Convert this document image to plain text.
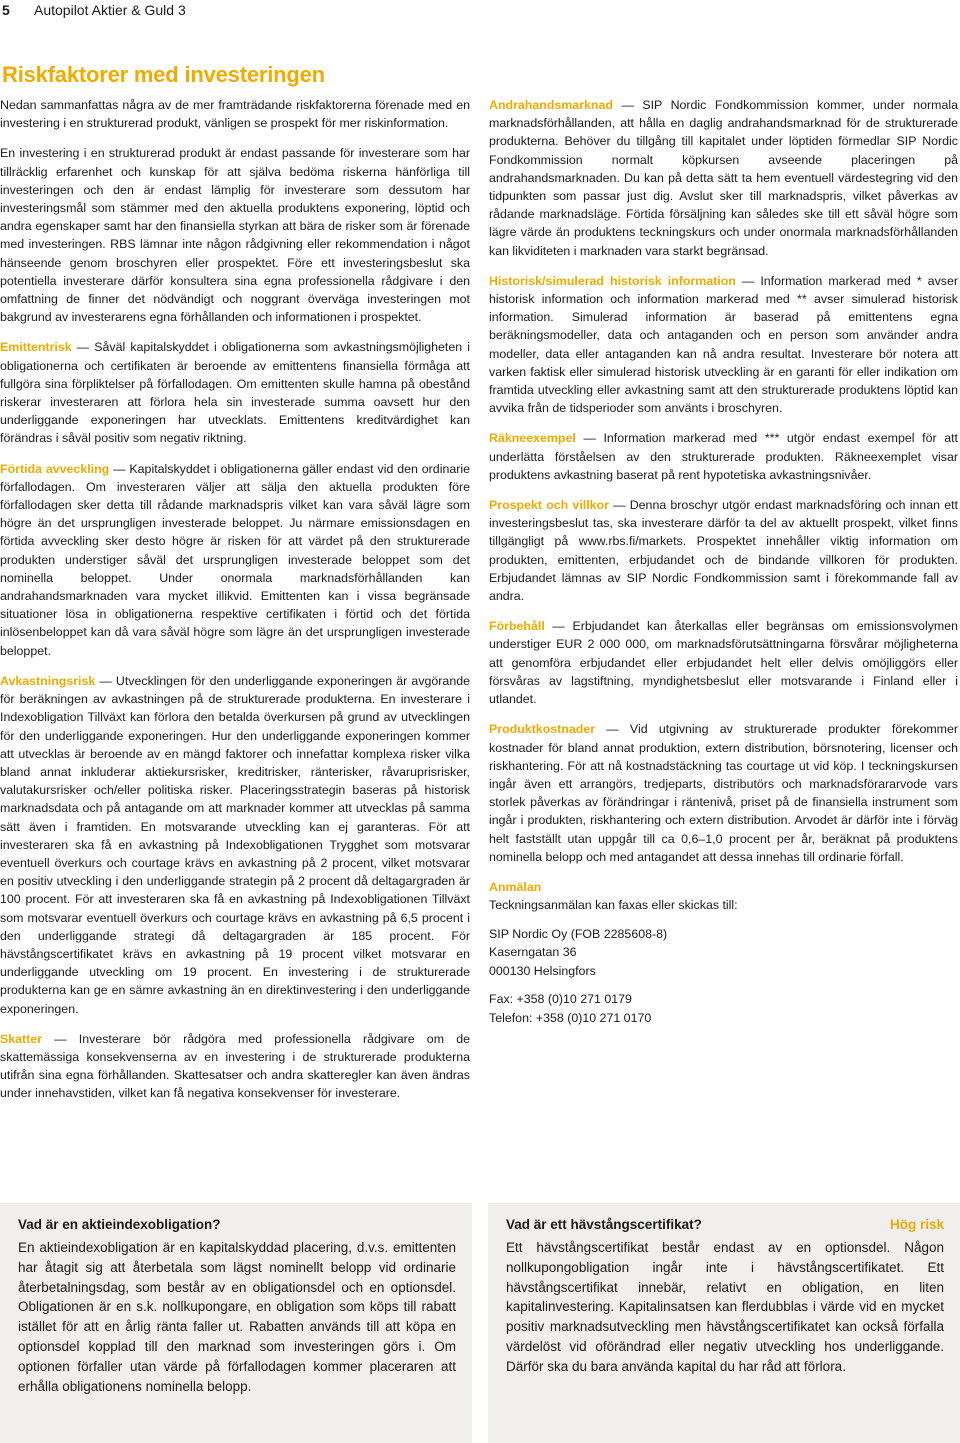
5 Autopilot Aktier & Guld 3
Riskfaktorer med investeringen

Nedan sammanfattas några av de mer framträdande riskfaktorerna förenade med en investering i en strukturerad produkt, vänligen se prospekt för mer riskinformation.

En investering i en strukturerad produkt är endast passande för investerare som har tillräcklig erfarenhet och kunskap för att själva bedöma riskerna hänförliga till investeringen och den är endast lämplig för investerare som dessutom har investeringsmål som stämmer med den aktuella produktens exponering, löptid och andra egenskaper samt har den finansiella styrkan att bära de risker som är förenade med investeringen. RBS lämnar inte någon rådgivning eller rekommendation i något hänseende genom broschyren eller prospektet. Före ett investeringsbeslut ska potentiella investerare därför konsultera sina egna professionella rådgivare i den omfattning de finner det nödvändigt och noggrant överväga investeringen mot bakgrund av investerarens egna förhållanden och informationen i prospektet.

Emittentrisk — Såväl kapitalskyddet i obligationerna som avkastningsmöjligheten i obligationerna och certifikaten är beroende av emittentens finansiella förmåga att fullgöra sina förpliktelser på förfallodagen. Om emittenten skulle hamna på obestånd riskerar investeraren att förlora hela sin investerade summa oavsett hur den underliggande exponeringen har utvecklats. Emittentens kreditvärdighet kan förändras i såväl positiv som negativ riktning.

Förtida avveckling — Kapitalskyddet i obligationerna gäller endast vid den ordinarie förfallodagen. Om investeraren väljer att sälja den aktuella produkten före förfallodagen sker detta till rådande marknadspris vilket kan vara såväl lägre som högre än det ursprungligen investerade beloppet. Ju närmare emissionsdagen en förtida avveckling sker desto högre är risken för att värdet på den strukturerade produkten understiger såväl det ursprungligen investerade beloppet som det nominella beloppet. Under onormala marknadsförhållanden kan andrahandsmarknaden vara mycket illikvid. Emittenten kan i vissa begränsade situationer lösa in obligationerna respektive certifikaten i förtid och det förtida inlösenbeloppet kan då vara såväl högre som lägre än det ursprungligen investerade beloppet.

Avkastningsrisk — Utvecklingen för den underliggande exponeringen är avgörande för beräkningen av avkastningen på de strukturerade produkterna. En investerare i Indexobligation Tillväxt kan förlora den betalda överkursen på grund av utvecklingen för den underliggande exponeringen. Hur den underliggande exponeringen kommer att utvecklas är beroende av en mängd faktorer och innefattar komplexa risker vilka bland annat inkluderar aktiekursrisker, kreditrisker, ränterisker, råvaruprisrisker, valutakursrisker och/eller politiska risker. Placeringsstrategin baseras på historisk marknadsdata och på antagande om att marknader kommer att utvecklas på samma sätt även i framtiden. En motsvarande utveckling kan ej garanteras. För att investeraren ska få en avkastning på Indexobligationen Trygghet som motsvarar eventuell överkurs och courtage krävs en avkastning på 2 procent, vilket motsvarar en positiv utveckling i den underliggande strategin på 2 procent då deltagargraden är 100 procent. För att investeraren ska få en avkastning på Indexobligationen Tillväxt som motsvarar eventuell överkurs och courtage krävs en avkastning på 6,5 procent i den underliggande strategi då deltagargraden är 185 procent. För hävstångscertifikatet krävs en avkastning på 19 procent vilket motsvarar en underliggande utveckling om 19 procent. En investering i de strukturerade produkterna kan ge en sämre avkastning än en direktinvestering i den underliggande exponeringen.

Skatter — Investerare bör rådgöra med professionella rådgivare om de skattemässiga konsekvenserna av en investering i de strukturerade produkterna utifrån sina egna förhållanden. Skattesatser och andra skatteregler kan även ändras under innehavstiden, vilket kan få negativa konsekvenser för investerare.

Andrahandsmarknad — SIP Nordic Fondkommission kommer, under normala marknadsförhållanden, att hålla en daglig andrahandsmarknad för de strukturerade produkterna. Behöver du tillgång till kapitalet under löptiden förmedlar SIP Nordic Fondkommission normalt köpkursen avseende placeringen på andrahandsmarknaden. Du kan på detta sätt ta hem eventuell värdestegring vid den tidpunkten som passar just dig. Avslut sker till marknadspris, vilket påverkas av rådande marknadsläge. Förtida försäljning kan således ske till ett såväl högre som lägre värde än produktens teckningskurs och under onormala marknadsförhållanden kan likviditeten i marknaden vara starkt begränsad.

Historisk/simulerad historisk information — Information markerad med * avser historisk information och information markerad med ** avser simulerad historisk information. Simulerad information är baserad på emittentens egna beräkningsmodeller, data och antaganden och en person som använder andra modeller, data eller antaganden kan nå andra resultat. Investerare bör notera att varken faktisk eller simulerad historisk utveckling är en garanti för eller indikation om framtida utveckling eller avkastning samt att den strukturerade produktens löptid kan avvika från de tidsperioder som använts i broschyren.

Räkneexempel — Information markerad med *** utgör endast exempel för att underlätta förståelsen av den strukturerade produkten. Räkneexemplet visar produktens avkastning baserat på rent hypotetiska avkastningsnivåer.

Prospekt och villkor — Denna broschyr utgör endast marknadsföring och innan ett investeringsbeslut tas, ska investerare därför ta del av aktuellt prospekt, vilket finns tillgängligt på www.rbs.fi/markets. Prospektet innehåller viktig information om produkten, emittenten, erbjudandet och de bindande villkoren för produkten. Erbjudandet lämnas av SIP Nordic Fondkommission samt i förekommande fall av andra.

Förbehåll — Erbjudandet kan återkallas eller begränsas om emissionsvolymen understiger EUR 2 000 000, om marknadsförutsättningarna försvårar möjligheterna att genomföra erbjudandet eller erbjudandet helt eller delvis omöjliggörs eller försvåras av lagstiftning, myndighetsbeslut eller motsvarande i Finland eller i utlandet.

Produktkostnader — Vid utgivning av strukturerade produkter förekommer kostnader för bland annat produktion, extern distribution, börsnotering, licenser och riskhantering. För att nå kostnadstäckning tas courtage ut vid köp. I teckningskursen ingår även ett arrangörs, tredjeparts, distributörs och marknadsförararvode vars storlek påverkas av förändringar i räntenivå, priset på de finansiella instrument som ingår i produkten, riskhantering och extern distribution. Arvodet är därför inte i förväg helt fastställt utan uppgår till ca 0,6–1,0 procent per år, beräknat på produktens nominella belopp och med antagandet att dessa innehas till ordinarie förfall.

Anmälan
Teckningsanmälan kan faxas eller skickas till:
SIP Nordic Oy (FOB 2285608-8)
Kaserngatan 36
000130 Helsingfors
Fax: +358 (0)10 271 0179
Telefon: +358 (0)10 271 0170
Vad är en aktieindexobligation?
En aktieindexobligation är en kapitalskyddad placering, d.v.s. emittenten har åtagit sig att återbetala som lägst nominellt belopp vid ordinarie återbetalningsdag, som består av en obligationsdel och en optionsdel. Obligationen är en s.k. nollkupongare, en obligation som köps till rabatt istället för att en årlig ränta faller ut. Rabatten används till att köpa en optionsdel kopplad till den marknad som investeringen görs i. Om optionen förfaller utan värde på förfallodagen kommer placeraren att erhålla obligationens nominella belopp.
Vad är ett hävstångscertifikat?	Hög risk
Ett hävstångscertifikat består endast av en optionsdel. Någon nollkupongobligation ingår inte i hävstångscertifikatet. Ett hävstångscertifikat innebär, relativt en obligation, en liten kapitalinvestering. Kapitalinsatsen kan flerdubblas i värde vid en mycket positiv marknadsutveckling men hävstångscertifikatet kan också förfalla värdelöst vid oförändrad eller negativ utveckling hos underliggande. Därför ska du bara använda kapital du har råd att förlora.
